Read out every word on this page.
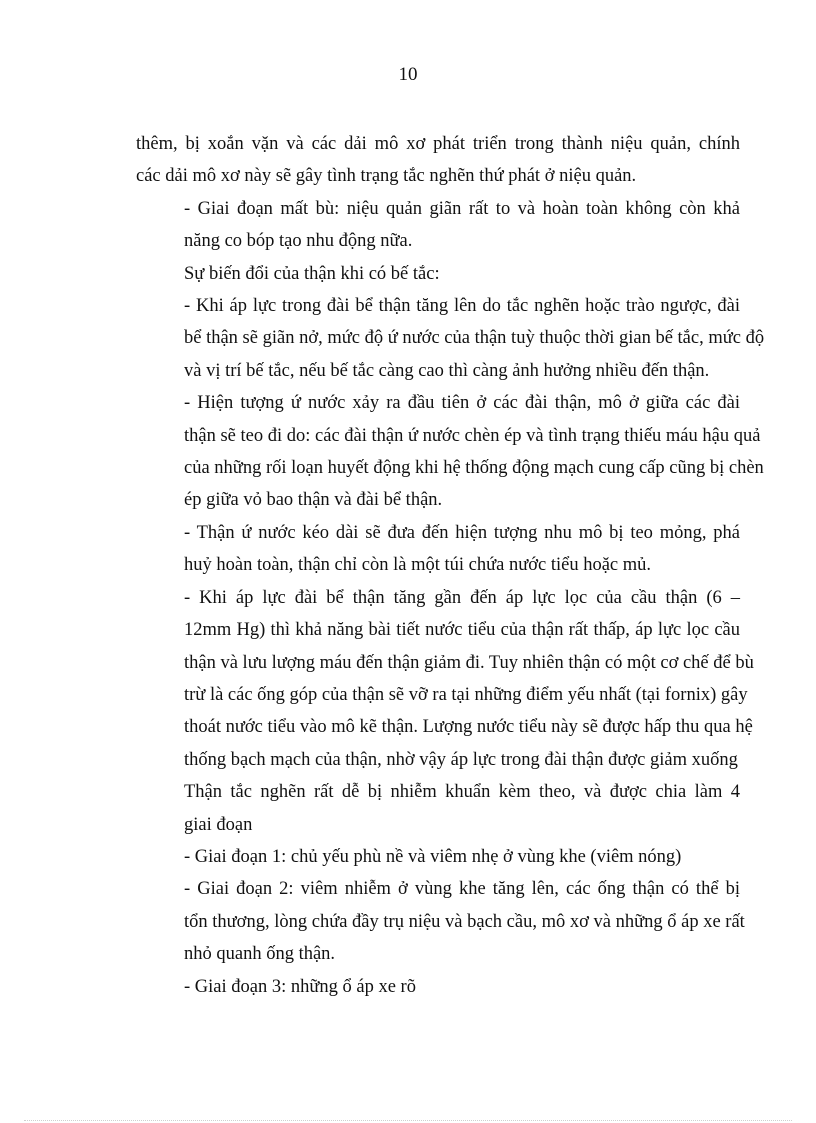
10

thêm, bị xoắn vặn và các dải mô xơ phát triển trong thành niệu quản, chính
các dải mô xơ này sẽ gây tình trạng tắc nghẽn thứ phát ở niệu quản.

- Giai đoạn mất bù: niệu quản giãn rất to và hoàn toàn không còn khả
năng co bóp tạo nhu động nữa.

Sự biến đổi của thận khi có bế tắc:

- Khi áp lực trong đài bể thận tăng lên do tắc nghẽn hoặc trào ngược, đài
bể thận sẽ giãn nở, mức độ ứ nước của thận tuỳ thuộc thời gian bế tắc, mức độ
và vị trí bế tắc, nếu bế tắc càng cao thì càng ảnh hưởng nhiều đến thận.

- Hiện tượng ứ nước xảy ra đầu tiên ở các đài thận, mô ở giữa các đài
thận sẽ teo đi do: các đài thận ứ nước chèn ép và tình trạng thiếu máu hậu quả
của những rối loạn huyết động khi hệ thống động mạch cung cấp cũng bị chèn
ép giữa vỏ bao thận và đài bể thận.

- Thận ứ nước kéo dài sẽ đưa đến hiện tượng nhu mô bị teo mỏng, phá
huỷ hoàn toàn, thận chỉ còn là một túi chứa nước tiểu hoặc mủ.

- Khi áp lực đài bể thận tăng gần đến áp lực lọc của cầu thận (6 –
12mm Hg) thì khả năng bài tiết nước tiểu của thận rất thấp, áp lực lọc cầu
thận và lưu lượng máu đến thận giảm đi. Tuy nhiên thận có một cơ chế để bù
trừ là các ống góp của thận sẽ vỡ ra tại những điểm yếu nhất (tại fornix) gây
thoát nước tiểu vào mô kẽ thận. Lượng nước tiểu này sẽ được hấp thu qua hệ
thống bạch mạch của thận, nhờ vậy áp lực trong đài thận được giảm xuống

Thận tắc nghẽn rất dễ bị nhiễm khuẩn kèm theo, và được chia làm 4
giai đoạn

- Giai đoạn 1: chủ yếu phù nề và viêm nhẹ ở vùng khe (viêm nóng)

- Giai đoạn 2: viêm nhiễm ở vùng khe tăng lên, các ống thận có thể bị
tổn thương, lòng chứa đầy trụ niệu và bạch cầu, mô xơ và những ổ áp xe rất
nhỏ quanh ống thận.

- Giai đoạn 3: những ổ áp xe rõ
